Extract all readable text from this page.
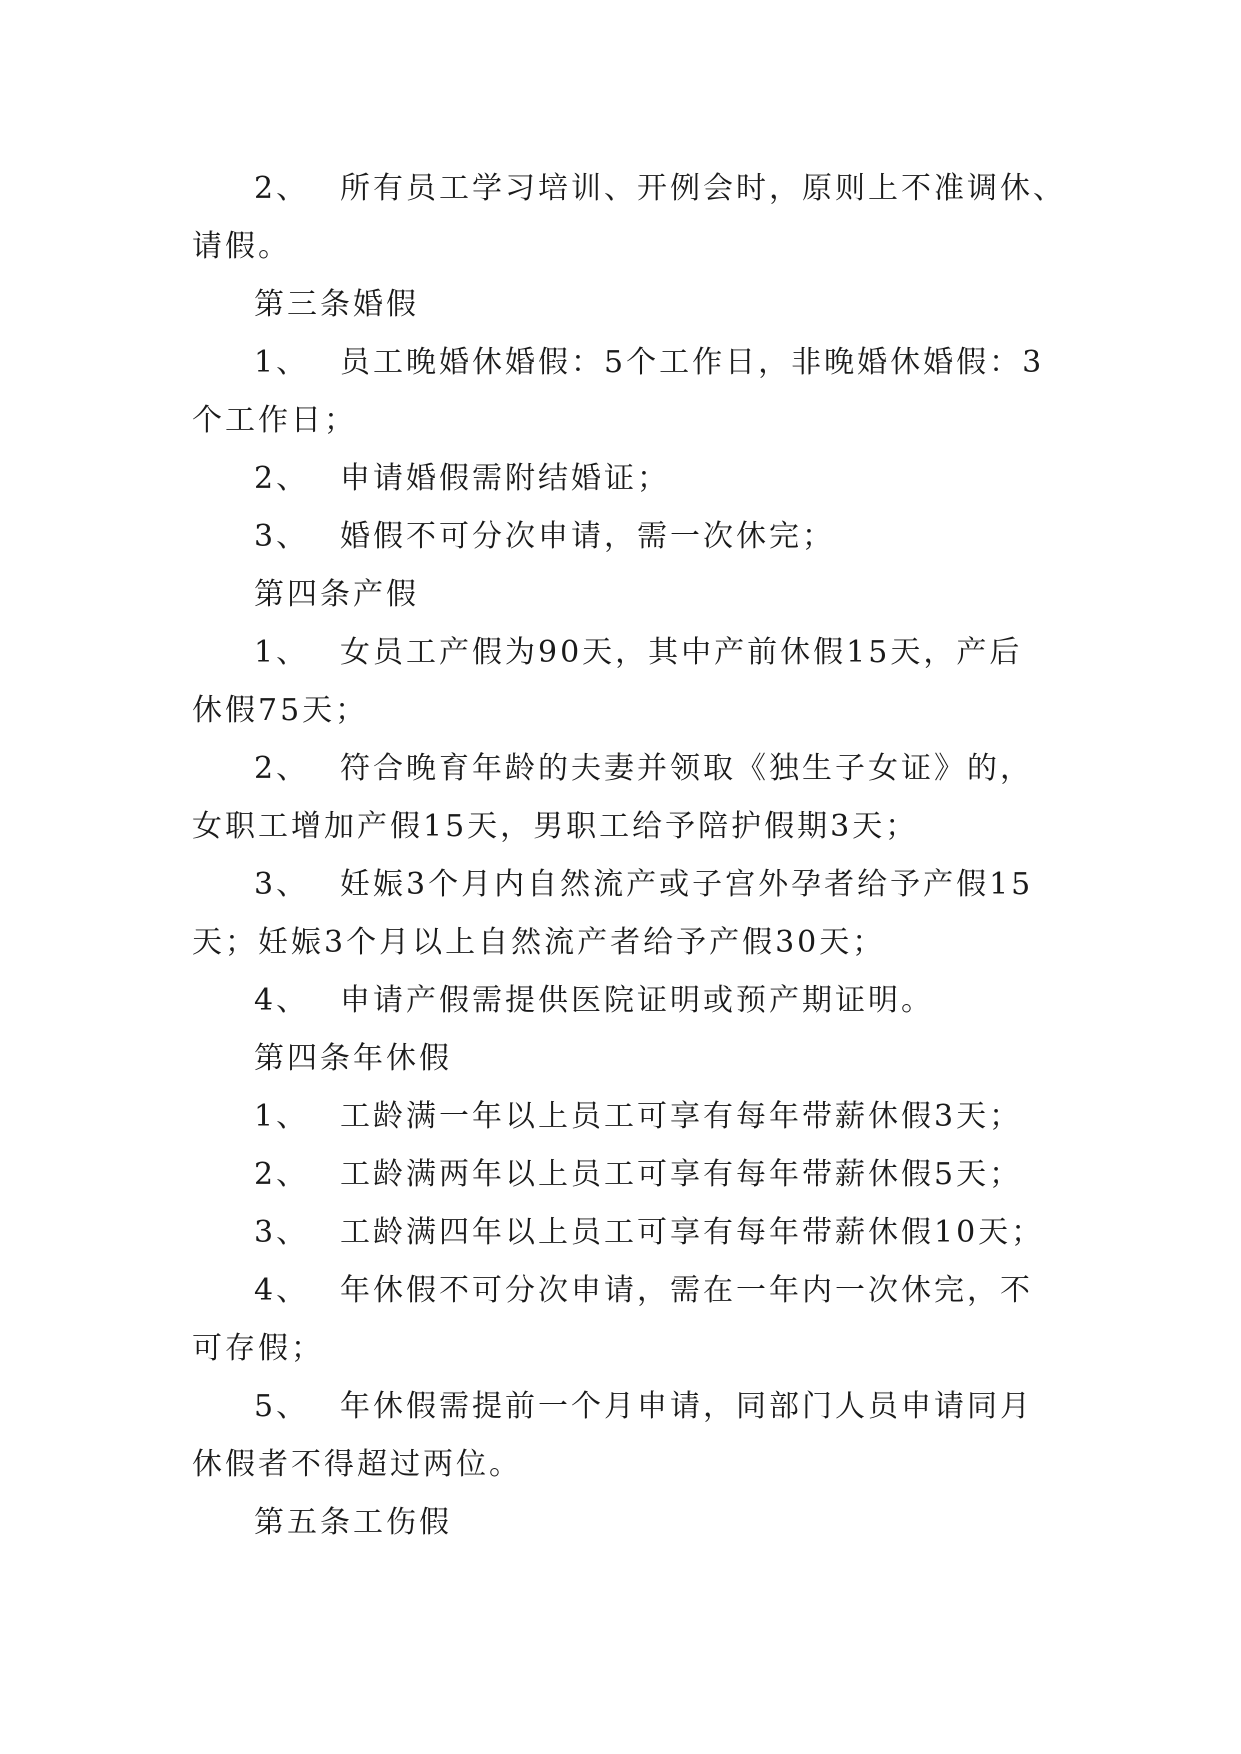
2、 所有员工学习培训、开例会时，原则上不准调休、
请假。
第三条婚假
1、 员工晚婚休婚假：5个工作日，非晚婚休婚假：3
个工作日；
2、 申请婚假需附结婚证；
3、 婚假不可分次申请，需一次休完；
第四条产假
1、 女员工产假为90天，其中产前休假15天，产后
休假75天；
2、 符合晚育年龄的夫妻并领取《独生子女证》的，
女职工增加产假15天，男职工给予陪护假期3天；
3、 妊娠3个月内自然流产或子宫外孕者给予产假15
天；妊娠3个月以上自然流产者给予产假30天；
4、 申请产假需提供医院证明或预产期证明。
第四条年休假
1、 工龄满一年以上员工可享有每年带薪休假3天；
2、 工龄满两年以上员工可享有每年带薪休假5天；
3、 工龄满四年以上员工可享有每年带薪休假10天；
4、 年休假不可分次申请，需在一年内一次休完，不
可存假；
5、 年休假需提前一个月申请，同部门人员申请同月
休假者不得超过两位。
第五条工伤假
